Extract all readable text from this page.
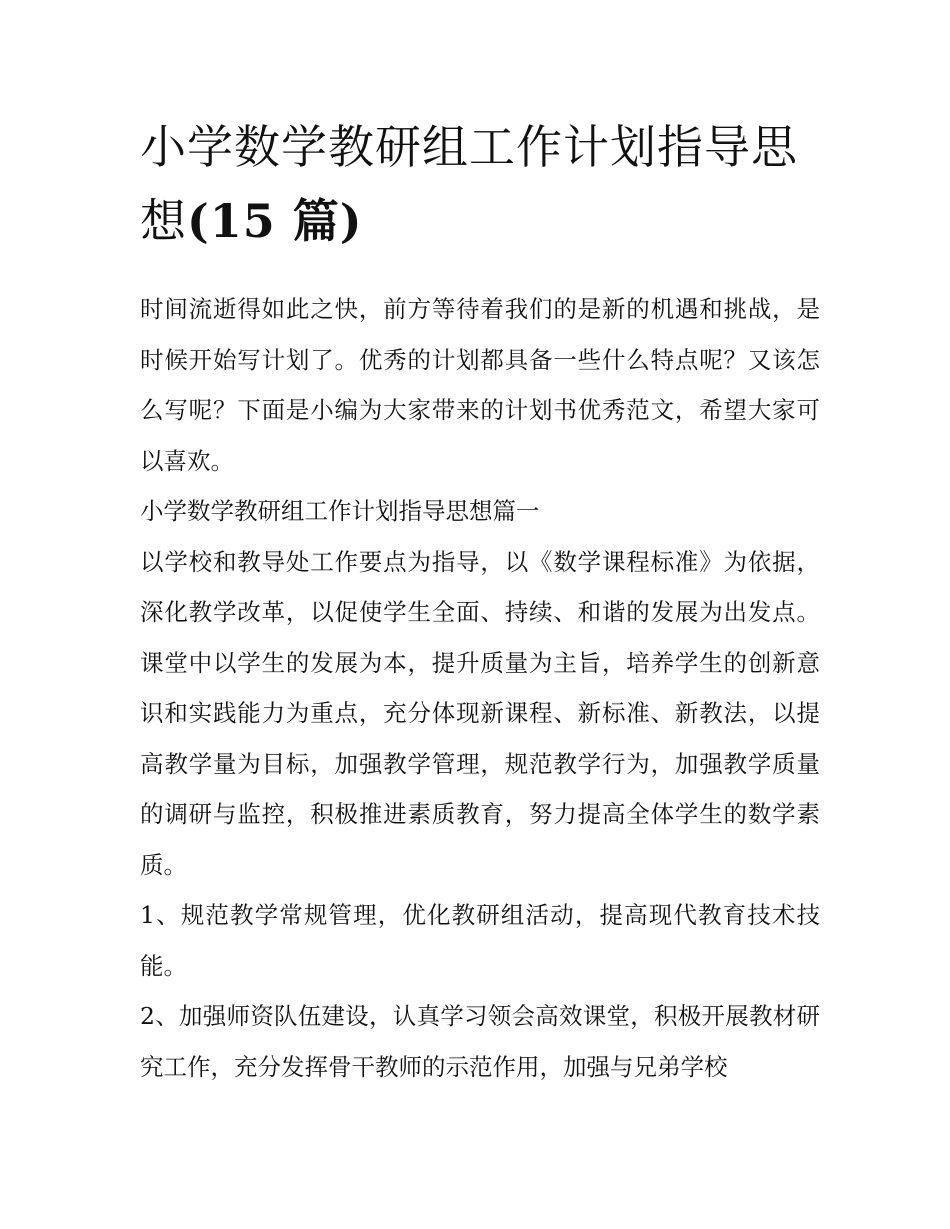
小学数学教研组工作计划指导思想(15 篇)

时间流逝得如此之快，前方等待着我们的是新的机遇和挑战，是时候开始写计划了。优秀的计划都具备一些什么特点呢？又该怎么写呢？下面是小编为大家带来的计划书优秀范文，希望大家可以喜欢。

小学数学教研组工作计划指导思想篇一

以学校和教导处工作要点为指导，以《数学课程标准》为依据，深化教学改革，以促使学生全面、持续、和谐的发展为出发点。课堂中以学生的发展为本，提升质量为主旨，培养学生的创新意识和实践能力为重点，充分体现新课程、新标准、新教法，以提高教学量为目标，加强教学管理，规范教学行为，加强教学质量的调研与监控，积极推进素质教育，努力提高全体学生的数学素质。

1、规范教学常规管理，优化教研组活动，提高现代教育技术技能。

2、加强师资队伍建设，认真学习领会高效课堂，积极开展教材研究工作，充分发挥骨干教师的示范作用，加强与兄弟学校
